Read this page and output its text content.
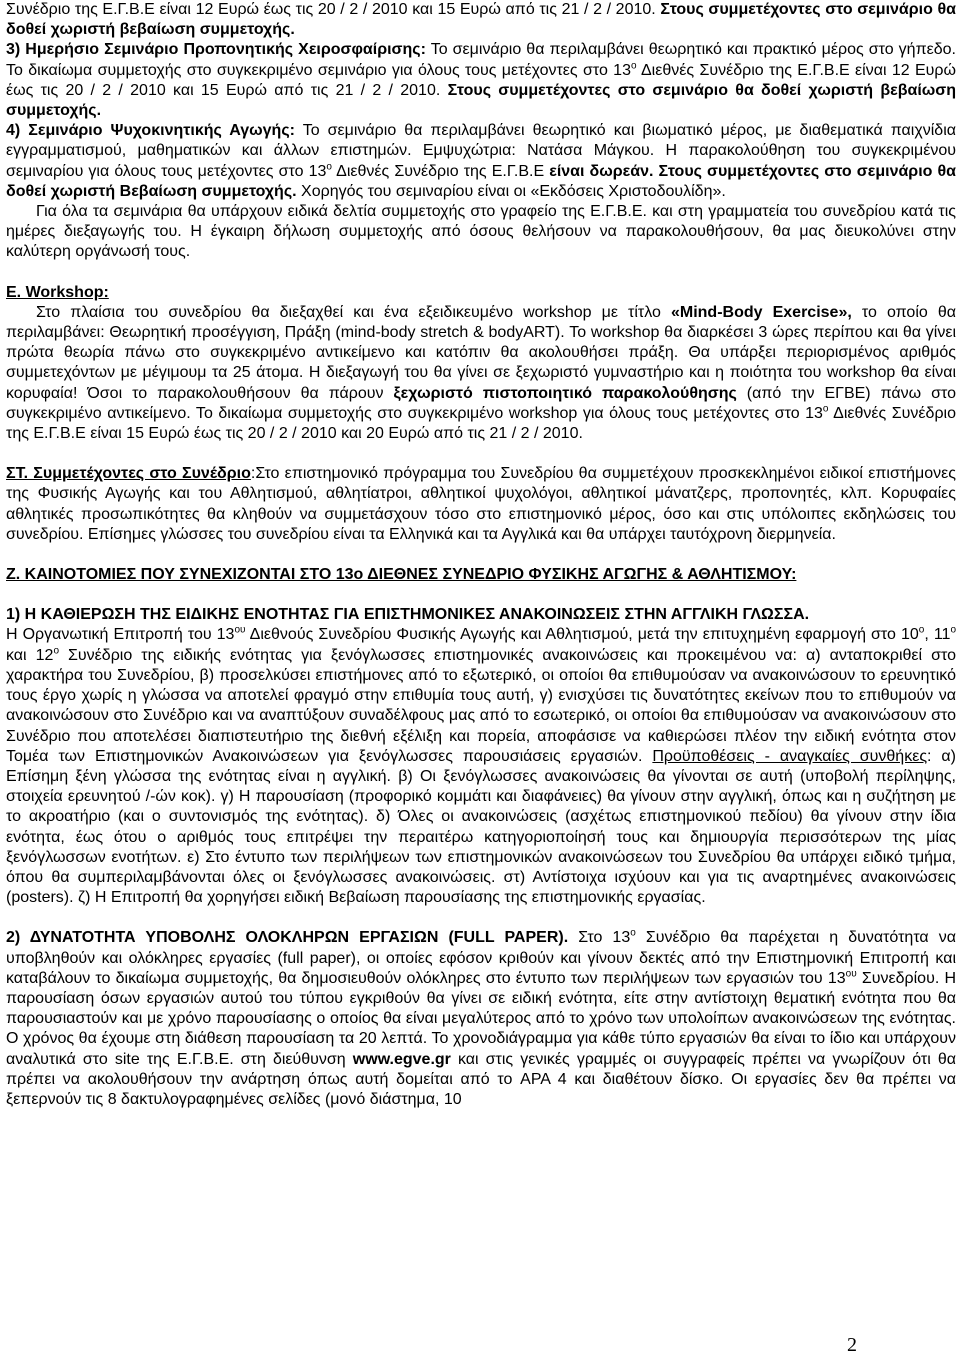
Συνέδριο της Ε.Γ.Β.Ε είναι 12 Ευρώ έως τις 20 / 2 / 2010 και 15 Ευρώ από τις 21 / 2 / 2010. Στους συμμετέχοντες στο σεμινάριο θα δοθεί χωριστή βεβαίωση συμμετοχής.

3) Ημερήσιο Σεμινάριο Προπονητικής Χειροσφαίρισης: Το σεμινάριο θα περιλαμβάνει θεωρητικό και πρακτικό μέρος στο γήπεδο. Το δικαίωμα συμμετοχής στο συγκεκριμένο σεμινάριο για όλους τους μετέχοντες στο $13^o$ Διεθνές Συνέδριο της Ε.Γ.Β.Ε είναι 12 Ευρώ έως τις 20 / 2 / 2010 και 15 Ευρώ από τις 21 / 2 / 2010. Στους συμμετέχοντες στο σεμινάριο θα δοθεί χωριστή βεβαίωση συμμετοχής.

4) Σεμινάριο Ψυχοκινητικής Αγωγής: Το σεμινάριο θα περιλαμβάνει θεωρητικό και βιωματικό μέρος, με διαθεματικά παιχνίδια εγγραμματισμού, μαθηματικών και άλλων επιστημών. Εμψυχώτρια: Νατάσα Μάγκου. Η παρακολούθηση του συγκεκριμένου σεμιναρίου για όλους τους μετέχοντες στο $13^o$ Διεθνές Συνέδριο της Ε.Γ.Β.Ε είναι δωρεάν. Στους συμμετέχοντες στο σεμινάριο θα δοθεί χωριστή Βεβαίωση συμμετοχής. Χορηγός του σεμιναρίου είναι οι «Εκδόσεις Χριστοδουλίδη».

Για όλα τα σεμινάρια θα υπάρχουν ειδικά δελτία συμμετοχής στο γραφείο της Ε.Γ.Β.Ε. και στη γραμματεία του συνεδρίου κατά τις ημέρες διεξαγωγής του. Η έγκαιρη δήλωση συμμετοχής από όσους θελήσουν να παρακολουθήσουν, θα μας διευκολύνει στην καλύτερη οργάνωσή τους.

Ε. Workshop:

Στο πλαίσια του συνεδρίου θα διεξαχθεί και ένα εξειδικευμένο workshop με τίτλο «Mind-Body Exercise», το οποίο θα περιλαμβάνει: Θεωρητική προσέγγιση, Πράξη (mind-body stretch & bodyART). Το workshop θα διαρκέσει 3 ώρες περίπου και θα γίνει πρώτα θεωρία πάνω στο συγκεκριμένο αντικείμενο και κατόπιν θα ακολουθήσει πράξη. Θα υπάρξει περιορισμένος αριθμός συμμετεχόντων με μέγιμουμ τα 25 άτομα. Η διεξαγωγή του θα γίνει σε ξεχωριστό γυμναστήριο και η ποιότητα του workshop θα είναι κορυφαία! Όσοι το παρακολουθήσουν θα πάρουν ξεχωριστό πιστοποιητικό παρακολούθησης (από την ΕΓΒΕ) πάνω στο συγκεκριμένο αντικείμενο. Το δικαίωμα συμμετοχής στο συγκεκριμένο workshop για όλους τους μετέχοντες στο $13^o$ Διεθνές Συνέδριο της Ε.Γ.Β.Ε είναι 15 Ευρώ έως τις 20 / 2 / 2010 και 20 Ευρώ από τις 21 / 2 / 2010.

ΣΤ. Συμμετέχοντες στο Συνέδριο:Στο επιστημονικό πρόγραμμα του Συνεδρίου θα συμμετέχουν προσκεκλημένοι ειδικοί επιστήμονες της Φυσικής Αγωγής και του Αθλητισμού, αθλητίατροι, αθλητικοί ψυχολόγοι, αθλητικοί μάνατζερς, προπονητές, κλπ. Κορυφαίες αθλητικές προσωπικότητες θα κληθούν να συμμετάσχουν τόσο στο επιστημονικό μέρος, όσο και στις υπόλοιπες εκδηλώσεις του συνεδρίου. Επίσημες γλώσσες του συνεδρίου είναι τα Ελληνικά και τα Αγγλικά και θα υπάρχει ταυτόχρονη διερμηνεία.

Ζ. ΚΑΙΝΟΤΟΜΙΕΣ ΠΟΥ ΣΥΝΕΧΙΖΟΝΤΑΙ ΣΤΟ 13ο ΔΙΕΘΝΕΣ ΣΥΝΕΔΡΙΟ ΦΥΣΙΚΗΣ ΑΓΩΓΗΣ & ΑΘΛΗΤΙΣΜΟΥ:

1) Η ΚΑΘΙΕΡΩΣΗ ΤΗΣ ΕΙΔΙΚΗΣ ΕΝΟΤΗΤΑΣ ΓΙΑ ΕΠΙΣΤΗΜΟΝΙΚΕΣ ΑΝΑΚΟΙΝΩΣΕΙΣ ΣΤΗΝ ΑΓΓΛΙΚΗ ΓΛΩΣΣΑ.

Η Οργανωτική Επιτροπή του $13^{o\upsilon}$ Διεθνούς Συνεδρίου Φυσικής Αγωγής και Αθλητισμού, μετά την επιτυχημένη εφαρμογή στο $10^o$, $11^o$ και $12^o$ Συνέδριο της ειδικής ενότητας για ξενόγλωσσες επιστημονικές ανακοινώσεις και προκειμένου να: α) ανταποκριθεί στο χαρακτήρα του Συνεδρίου, β) προσελκύσει επιστήμονες από το εξωτερικό, οι οποίοι θα επιθυμούσαν να ανακοινώσουν το ερευνητικό τους έργο χωρίς η γλώσσα να αποτελεί φραγμό στην επιθυμία τους αυτή, γ) ενισχύσει τις δυνατότητες εκείνων που το επιθυμούν να ανακοινώσουν στο Συνέδριο και να αναπτύξουν συναδέλφους μας από το εσωτερικό, οι οποίοι θα επιθυμούσαν να ανακοινώσουν στο Συνέδριο που αποτελέσει διαπιστευτήριο της διεθνή εξέλιξη και πορεία, αποφάσισε να καθιερώσει πλέον την ειδική ενότητα στον Τομέα των Επιστημονικών Ανακοινώσεων για ξενόγλωσσες παρουσιάσεις εργασιών. Προϋποθέσεις - αναγκαίες συνθήκες: α) Επίσημη ξένη γλώσσα της ενότητας είναι η αγγλική. β) Οι ξενόγλωσσες ανακοινώσεις θα γίνονται σε αυτή (υποβολή περίληψης, στοιχεία ερευνητού /-ών κοκ). γ) Η παρουσίαση (προφορικό κομμάτι και διαφάνειες) θα γίνουν στην αγγλική, όπως και η συζήτηση με το ακροατήριο (και ο συντονισμός της ενότητας). δ) Όλες οι ανακοινώσεις (ασχέτως επιστημονικού πεδίου) θα γίνουν στην ίδια ενότητα, έως ότου ο αριθμός τους επιτρέψει την περαιτέρω κατηγοριοποίησή τους και δημιουργία περισσότερων της μίας ξενόγλωσσων ενοτήτων. ε) Στο έντυπο των περιλήψεων των επιστημονικών ανακοινώσεων του Συνεδρίου θα υπάρχει ειδικό τμήμα, όπου θα συμπεριλαμβάνονται όλες οι ξενόγλωσσες ανακοινώσεις. στ) Αντίστοιχα ισχύουν και για τις αναρτημένες ανακοινώσεις (posters). ζ) Η Επιτροπή θα χορηγήσει ειδική Βεβαίωση παρουσίασης της επιστημονικής εργασίας.

2) ΔΥΝΑΤΟΤΗΤΑ ΥΠΟΒΟΛΗΣ ΟΛΟΚΛΗΡΩΝ ΕΡΓΑΣΙΩΝ (FULL PAPER). Στο $13^o$ Συνέδριο θα παρέχεται η δυνατότητα να υποβληθούν και ολόκληρες εργασίες (full paper), οι οποίες εφόσον κριθούν και γίνουν δεκτές από την Επιστημονική Επιτροπή και καταβάλουν το δικαίωμα συμμετοχής, θα δημοσιευθούν ολόκληρες στο έντυπο των περιλήψεων των εργασιών του $13^{o\upsilon}$ Συνεδρίου. Η παρουσίαση όσων εργασιών αυτού του τύπου εγκριθούν θα γίνει σε ειδική ενότητα, είτε στην αντίστοιχη θεματική ενότητα που θα παρουσιαστούν και με χρόνο παρουσίασης ο οποίος θα είναι μεγαλύτερος από το χρόνο των υπολοίπων ανακοινώσεων της ενότητας. Ο χρόνος θα έχουμε στη διάθεση παρουσίαση τα 20 λεπτά. Το χρονοδιάγραμμα για κάθε τύπο εργασιών θα είναι το ίδιο και υπάρχουν αναλυτικά στο site της Ε.Γ.Β.Ε. στη διεύθυνση www.egve.gr και στις γενικές γραμμές οι συγγραφείς πρέπει να γνωρίζουν ότι θα πρέπει να ακολουθήσουν την ανάρτηση όπως αυτή δομείται από το APA 4 και διαθέτουν δίσκο. Οι εργασίες δεν θα πρέπει να ξεπερνούν τις 8 δακτυλογραφημένες σελίδες (μονό διάστημα, 10

2
